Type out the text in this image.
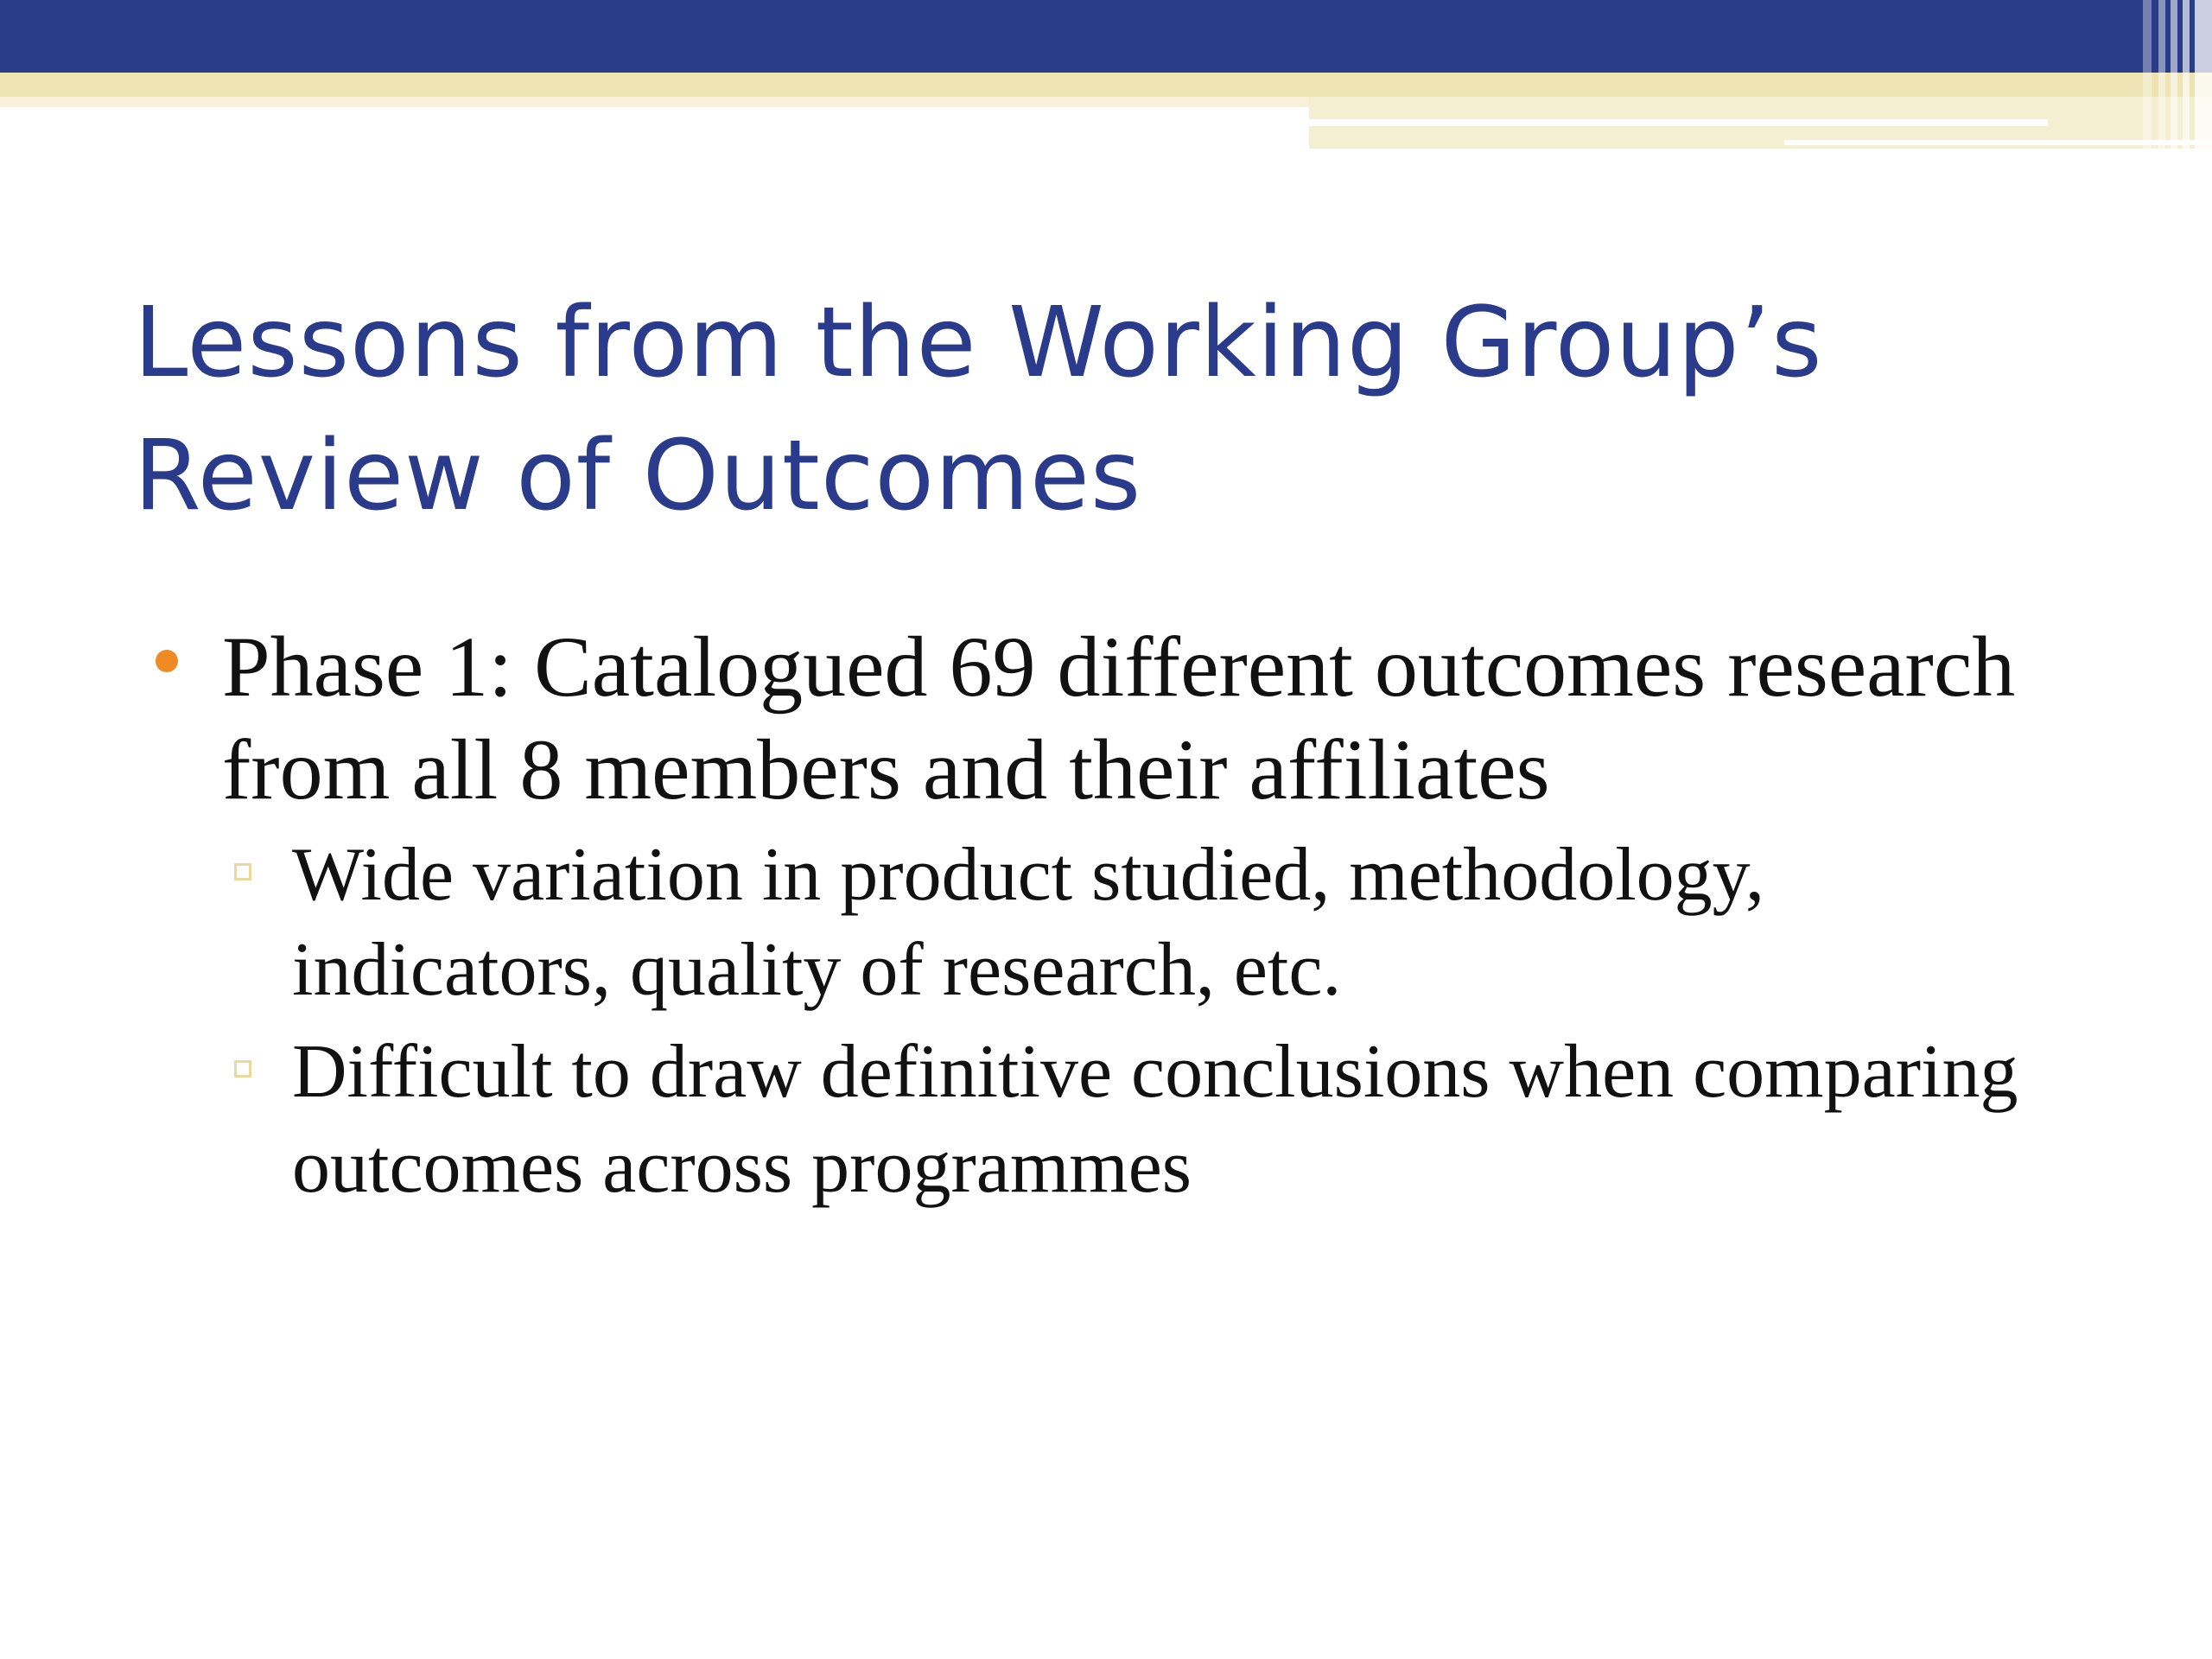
Lessons from the Working Group’s Review of Outcomes
Phase 1: Catalogued 69 different outcomes research from all 8 members and their affiliates
Wide variation in product studied, methodology, indicators, quality of research, etc.
Difficult to draw definitive conclusions when comparing outcomes across programmes
